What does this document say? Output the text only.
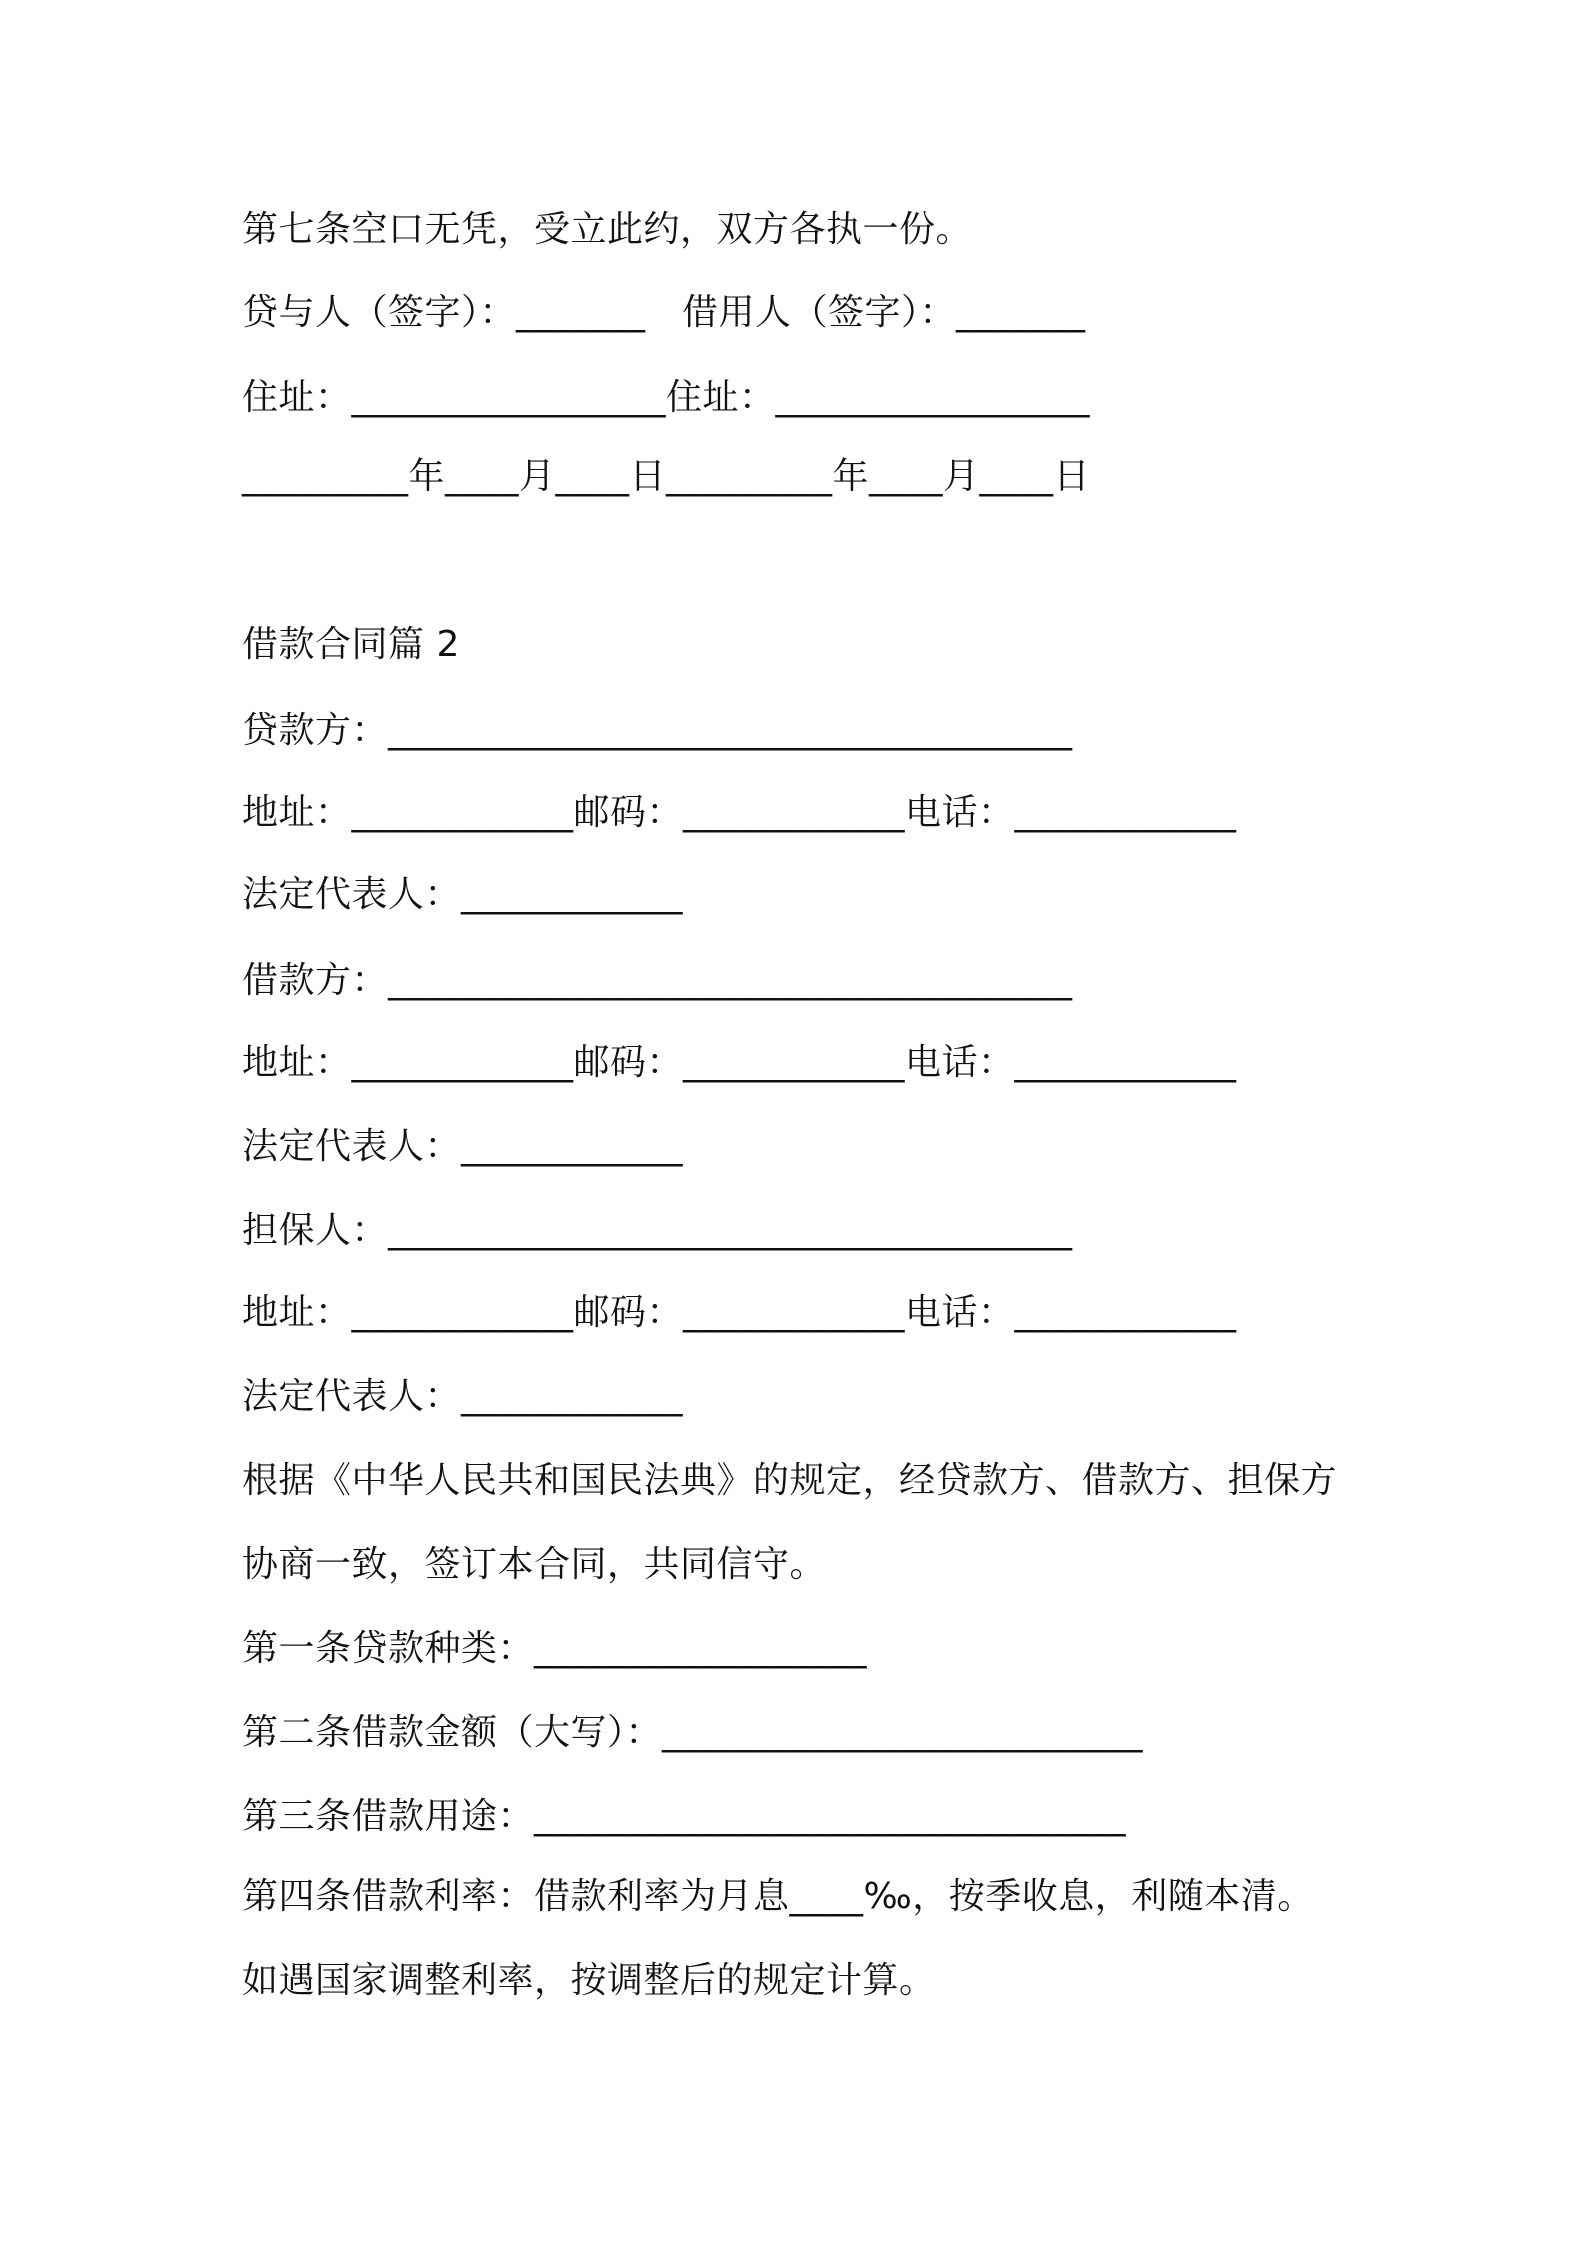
第七条空口无凭，受立此约，双方各执一份。
贷与人（签字）：_______　借用人（签字）：_______
住址：_________________住址：_________________
_________年____月____日_________年____月____日
借款合同篇 2
贷款方：_____________________________________
地址：____________邮码：____________电话：____________
法定代表人：____________
借款方：_____________________________________
地址：____________邮码：____________电话：____________
法定代表人：____________
担保人：_____________________________________
地址：____________邮码：____________电话：____________
法定代表人：____________
根据《中华人民共和国民法典》的规定，经贷款方、借款方、担保方
协商一致，签订本合同，共同信守。
第一条贷款种类：__________________
第二条借款金额（大写）：__________________________
第三条借款用途：________________________________
第四条借款利率：借款利率为月息____‰，按季收息，利随本清。
如遇国家调整利率，按调整后的规定计算。
